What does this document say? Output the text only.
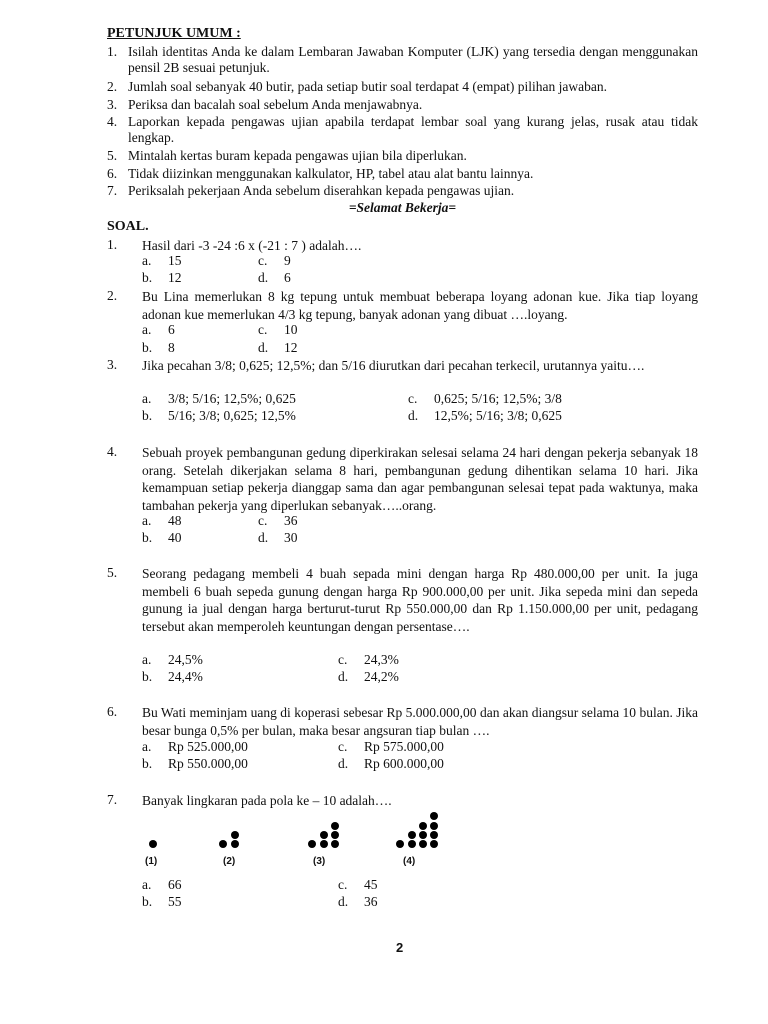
PETUNJUK UMUM :
1. Isilah identitas Anda ke dalam Lembaran Jawaban Komputer (LJK) yang tersedia dengan menggunakan pensil 2B sesuai petunjuk.
2. Jumlah soal sebanyak 40 butir, pada setiap butir soal terdapat 4 (empat) pilihan jawaban.
3. Periksa dan bacalah soal sebelum Anda menjawabnya.
4. Laporkan kepada pengawas ujian apabila terdapat lembar soal yang kurang jelas, rusak atau tidak lengkap.
5. Mintalah kertas buram kepada pengawas ujian bila diperlukan.
6. Tidak diizinkan menggunakan kalkulator, HP, tabel atau alat bantu lainnya.
7. Periksalah pekerjaan Anda sebelum diserahkan kepada pengawas ujian.
=Selamat Bekerja=
SOAL.
1.	Hasil dari -3 -24 :6 x (-21 : 7 ) adalah….
a. 15	c. 9
b. 12	d. 6
2.	Bu Lina memerlukan 8 kg tepung untuk membuat beberapa loyang adonan kue. Jika tiap loyang adonan kue memerlukan 4/3 kg tepung, banyak adonan yang dibuat ….loyang.
a. 6	c. 10
b. 8	d. 12
3.	Jika pecahan 3/8; 0,625; 12,5%; dan 5/16 diurutkan dari pecahan terkecil, urutannya yaitu….
a. 3/8; 5/16; 12,5%; 0,625	c. 0,625; 5/16; 12,5%; 3/8
b. 5/16; 3/8; 0,625; 12,5%	d. 12,5%; 5/16; 3/8; 0,625
4.	Sebuah proyek pembangunan gedung diperkirakan selesai selama 24 hari dengan pekerja sebanyak 18 orang. Setelah dikerjakan selama 8 hari, pembangunan gedung dihentikan selama 10 hari. Jika kemampuan setiap pekerja dianggap sama dan agar pembangunan selesai tepat pada waktunya, maka tambahan pekerja yang diperlukan sebanyak…..orang.
a. 48	c. 36
b. 40	d. 30
5.	Seorang pedagang membeli 4 buah sepada mini dengan harga Rp 480.000,00 per unit. Ia juga membeli 6 buah sepeda gunung dengan harga Rp 900.000,00 per unit. Jika sepeda mini dan sepeda gunung ia jual dengan harga berturut-turut Rp 550.000,00 dan Rp 1.150.000,00 per unit, pedagang tersebut akan memperoleh keuntungan dengan persentase….
a. 24,5%	c. 24,3%
b. 24,4%	d. 24,2%
6.	Bu Wati meminjam uang di koperasi sebesar Rp 5.000.000,00 dan akan diangsur selama 10 bulan. Jika besar bunga 0,5% per bulan, maka besar angsuran tiap bulan ….
a. Rp 525.000,00	c. Rp 575.000,00
b. Rp 550.000,00	d. Rp 600.000,00
7.	Banyak lingkaran pada pola ke – 10 adalah….
(1)	(2)	(3)	(4)
a. 66	c. 45
b. 55	d. 36
2
